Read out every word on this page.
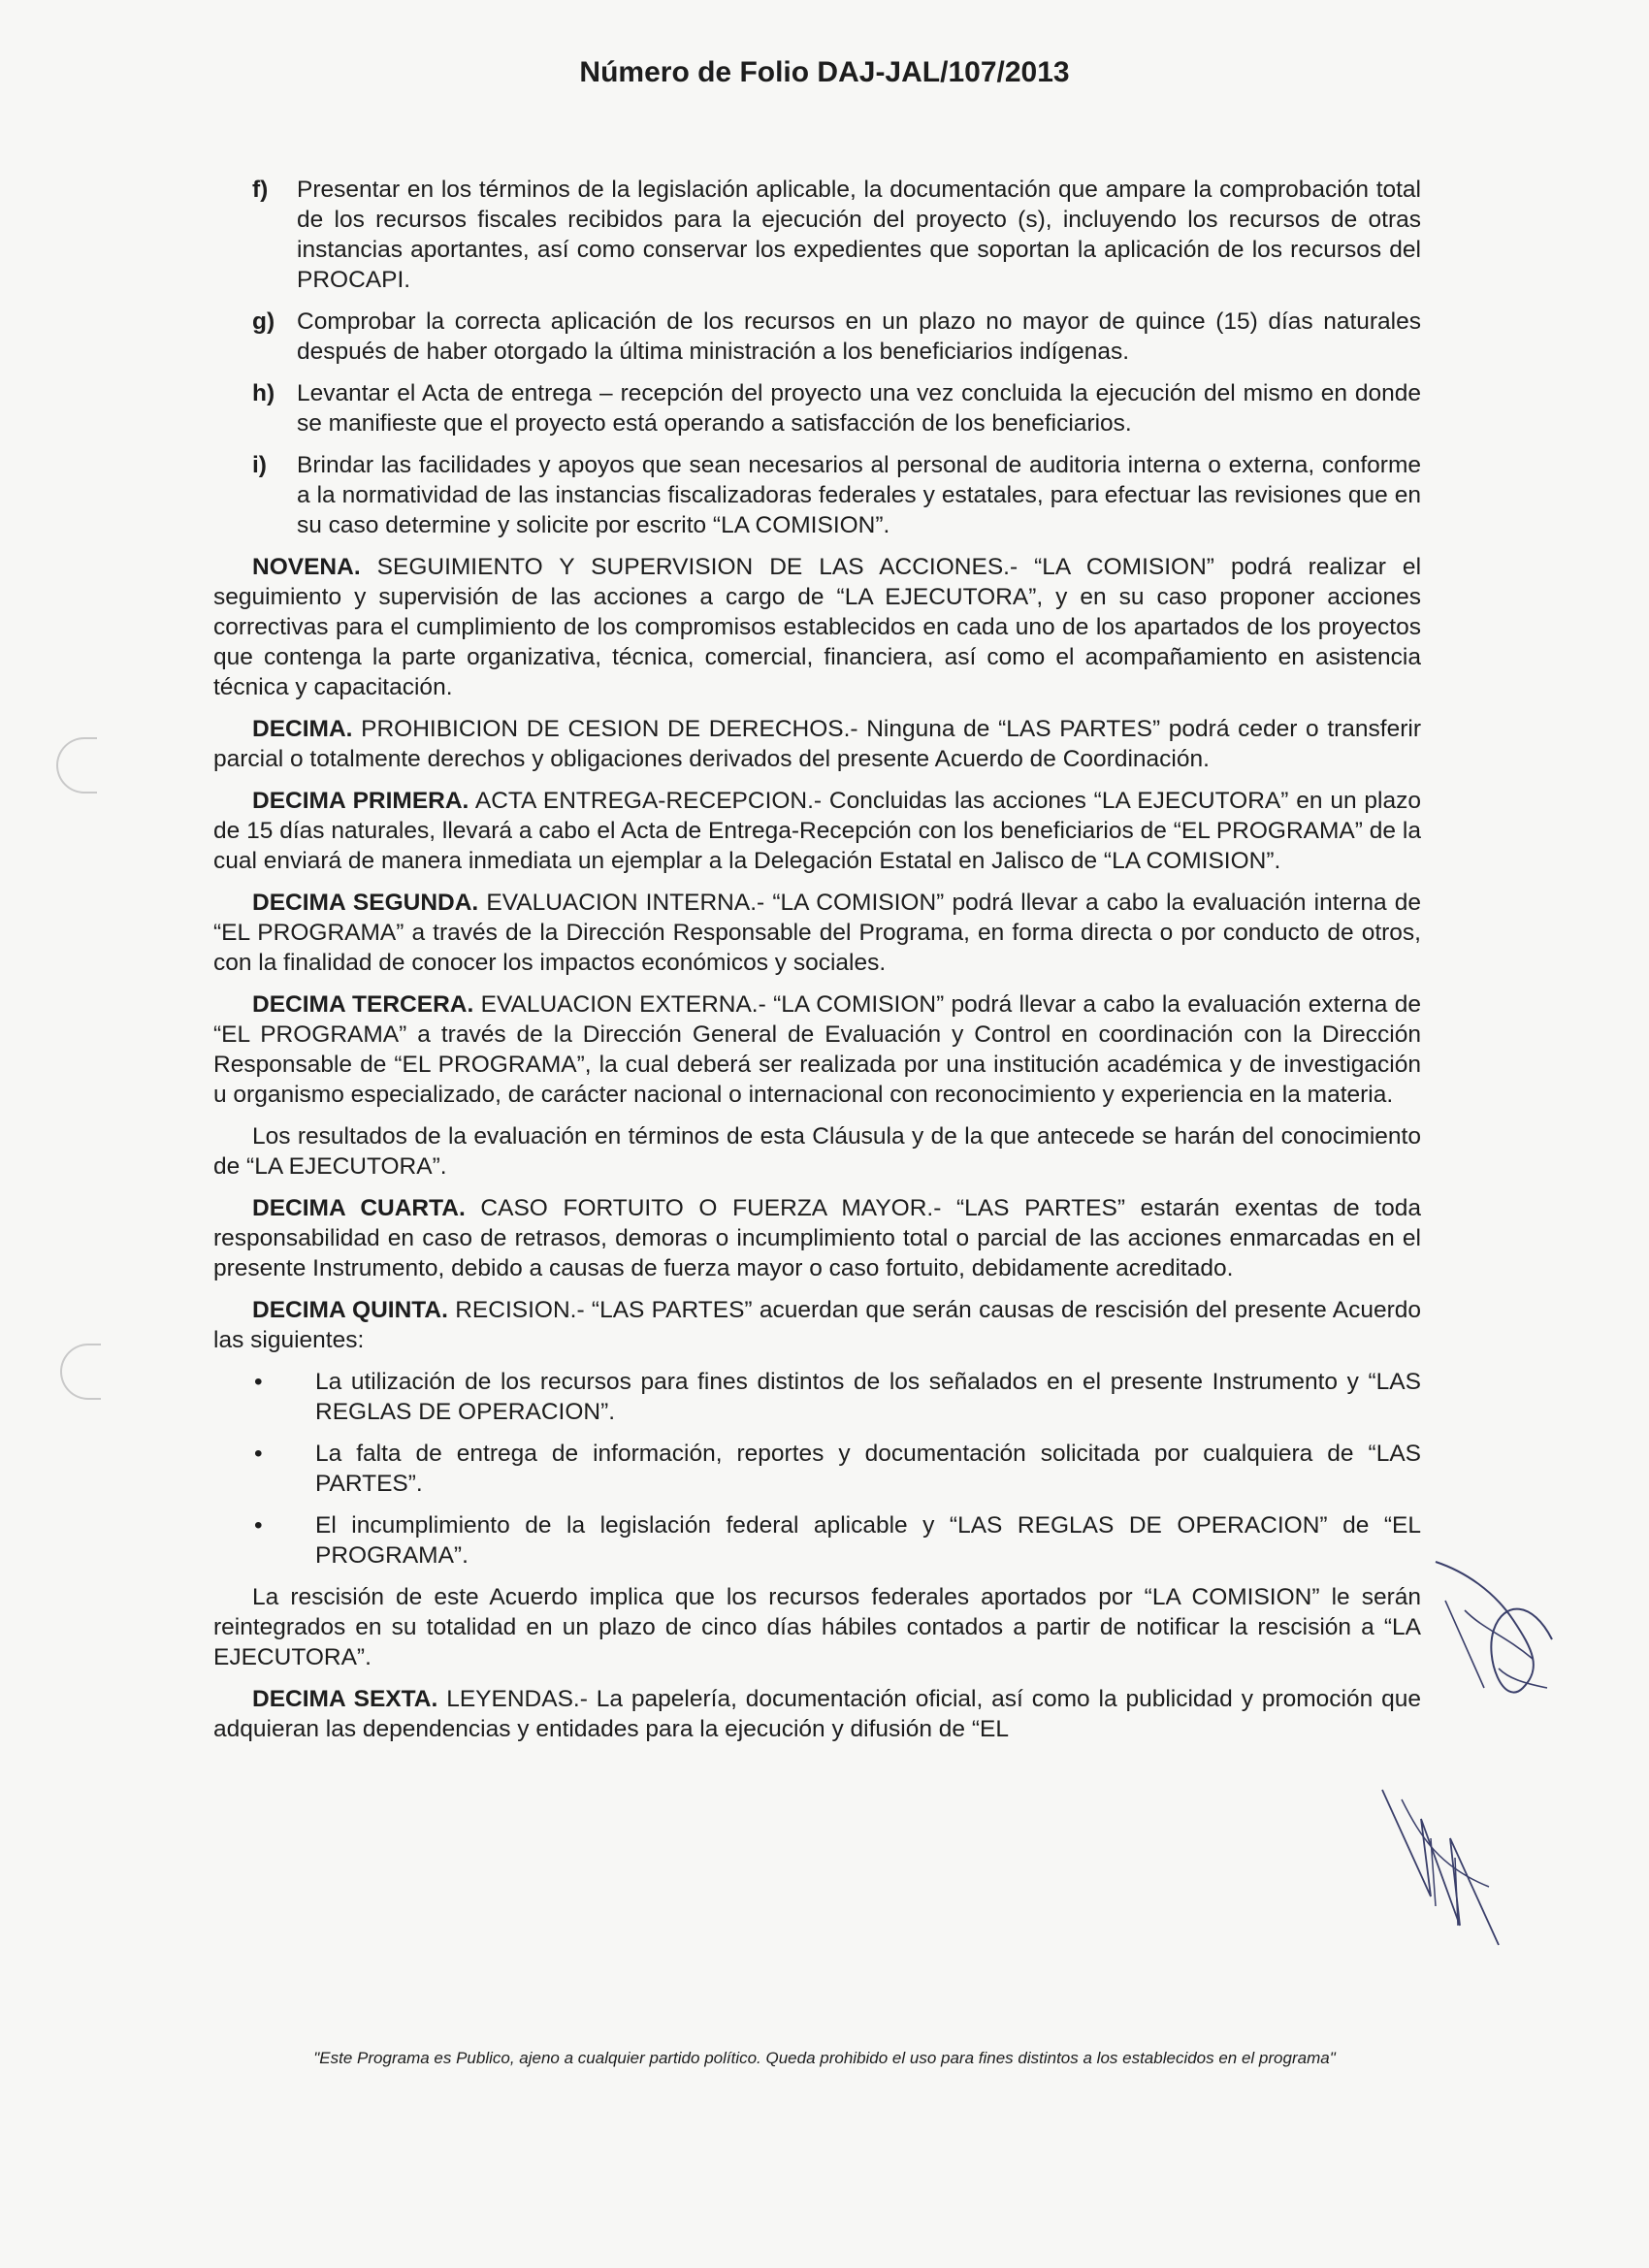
Número de Folio DAJ-JAL/107/2013
f) Presentar en los términos de la legislación aplicable, la documentación que ampare la comprobación total de los recursos fiscales recibidos para la ejecución del proyecto (s), incluyendo los recursos de otras instancias aportantes, así como conservar los expedientes que soportan la aplicación de los recursos del PROCAPI.
g) Comprobar la correcta aplicación de los recursos en un plazo no mayor de quince (15) días naturales después de haber otorgado la última ministración a los beneficiarios indígenas.
h) Levantar el Acta de entrega – recepción del proyecto una vez concluida la ejecución del mismo en donde se manifieste que el proyecto está operando a satisfacción de los beneficiarios.
i) Brindar las facilidades y apoyos que sean necesarios al personal de auditoria interna o externa, conforme a la normatividad de las instancias fiscalizadoras federales y estatales, para efectuar las revisiones que en su caso determine y solicite por escrito “LA COMISION”.

NOVENA. SEGUIMIENTO Y SUPERVISION DE LAS ACCIONES.- “LA COMISION” podrá realizar el seguimiento y supervisión de las acciones a cargo de “LA EJECUTORA”, y en su caso proponer acciones correctivas para el cumplimiento de los compromisos establecidos en cada uno de los apartados de los proyectos que contenga la parte organizativa, técnica, comercial, financiera, así como el acompañamiento en asistencia técnica y capacitación.

DECIMA. PROHIBICION DE CESION DE DERECHOS.- Ninguna de “LAS PARTES” podrá ceder o transferir parcial o totalmente derechos y obligaciones derivados del presente Acuerdo de Coordinación.

DECIMA PRIMERA. ACTA ENTREGA-RECEPCION.- Concluidas las acciones “LA EJECUTORA” en un plazo de 15 días naturales, llevará a cabo el Acta de Entrega-Recepción con los beneficiarios de “EL PROGRAMA” de la cual enviará de manera inmediata un ejemplar a la Delegación Estatal en Jalisco de “LA COMISION”.

DECIMA SEGUNDA. EVALUACION INTERNA.- “LA COMISION” podrá llevar a cabo la evaluación interna de “EL PROGRAMA” a través de la Dirección Responsable del Programa, en forma directa o por conducto de otros, con la finalidad de conocer los impactos económicos y sociales.

DECIMA TERCERA. EVALUACION EXTERNA.- “LA COMISION” podrá llevar a cabo la evaluación externa de “EL PROGRAMA” a través de la Dirección General de Evaluación y Control en coordinación con la Dirección Responsable de “EL PROGRAMA”, la cual deberá ser realizada por una institución académica y de investigación u organismo especializado, de carácter nacional o internacional con reconocimiento y experiencia en la materia.

Los resultados de la evaluación en términos de esta Cláusula y de la que antecede se harán del conocimiento de “LA EJECUTORA”.

DECIMA CUARTA. CASO FORTUITO O FUERZA MAYOR.- “LAS PARTES” estarán exentas de toda responsabilidad en caso de retrasos, demoras o incumplimiento total o parcial de las acciones enmarcadas en el presente Instrumento, debido a causas de fuerza mayor o caso fortuito, debidamente acreditado.

DECIMA QUINTA. RECISION.- “LAS PARTES” acuerdan que serán causas de rescisión del presente Acuerdo las siguientes:

• La utilización de los recursos para fines distintos de los señalados en el presente Instrumento y “LAS REGLAS DE OPERACION”.
• La falta de entrega de información, reportes y documentación solicitada por cualquiera de “LAS PARTES”.
• El incumplimiento de la legislación federal aplicable y “LAS REGLAS DE OPERACION” de “EL PROGRAMA”.

La rescisión de este Acuerdo implica que los recursos federales aportados por “LA COMISION” le serán reintegrados en su totalidad en un plazo de cinco días hábiles contados a partir de notificar la rescisión a “LA EJECUTORA”.

DECIMA SEXTA. LEYENDAS.- La papelería, documentación oficial, así como la publicidad y promoción que adquieran las dependencias y entidades para la ejecución y difusión de “EL

"Este Programa es Publico, ajeno a cualquier partido político. Queda prohibido el uso para fines distintos a los establecidos en el programa"
